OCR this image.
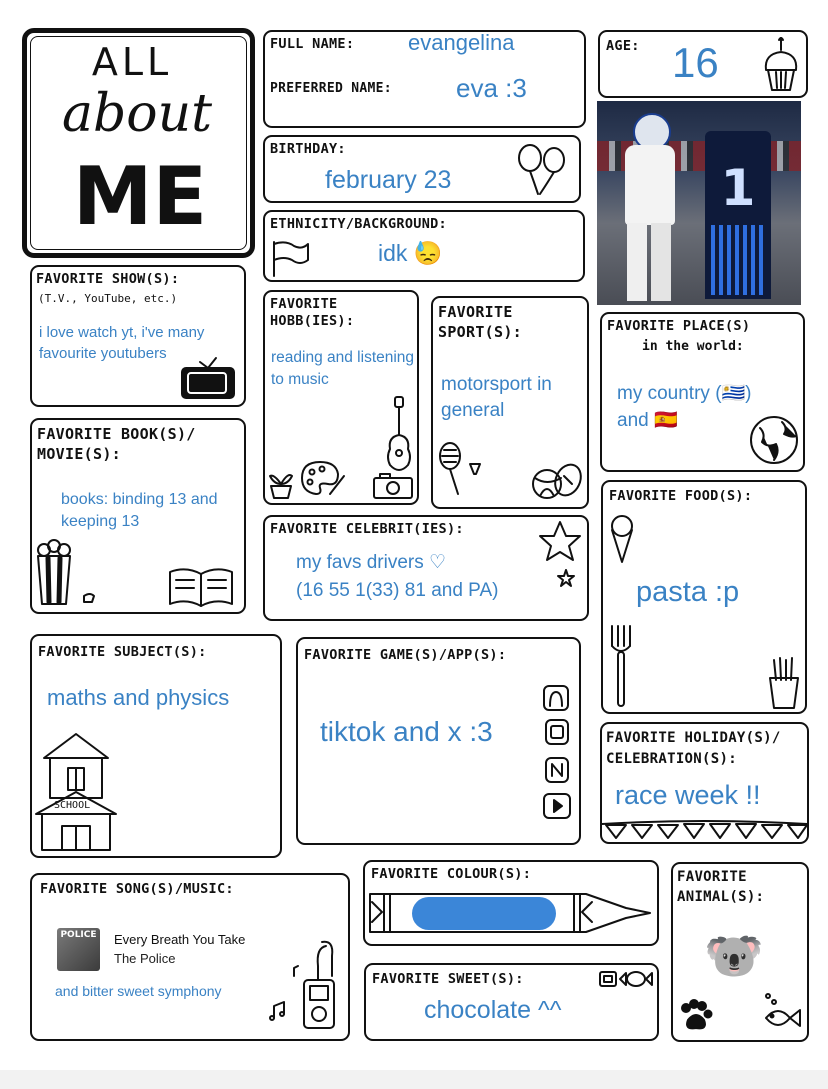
ALL
about
ME
FULL NAME: evangelina
PREFERRED NAME: eva :3
AGE: 16
BIRTHDAY:
february 23
ETHNICITY/BACKGROUND:
idk 😓
1
FAVORITE SHOW(S):
(T.V., YouTube, etc.)
i love watch yt, i've many favourite youtubers
FAVORITE HOBB(IES):
reading and listening to music
FAVORITE SPORT(S):
motorsport in general
FAVORITE PLACE(S)
in the world:
my country (🇺🇾) and 🇪🇸
FAVORITE BOOK(S)/ MOVIE(S):
books: binding 13 and keeping 13	FAVORITE CELEBRIT(IES):
my favs drivers ♡
(16 55 1(33) 81 and PA)
FAVORITE FOOD(S):
pasta :p
FAVORITE SUBJECT(S):
maths and physics
SCHOOL
FAVORITE GAME(S)/APP(S):
tiktok and x :3	FAVORITE HOLIDAY(S)/ CELEBRATION(S):
race week !!
FAVORITE SONG(S)/MUSIC:
POLICE Every Breath You Take
The Police
and bitter sweet symphony
FAVORITE COLOUR(S):
FAVORITE SWEET(S):
chocolate ^^
FAVORITE ANIMAL(S):
🐨
